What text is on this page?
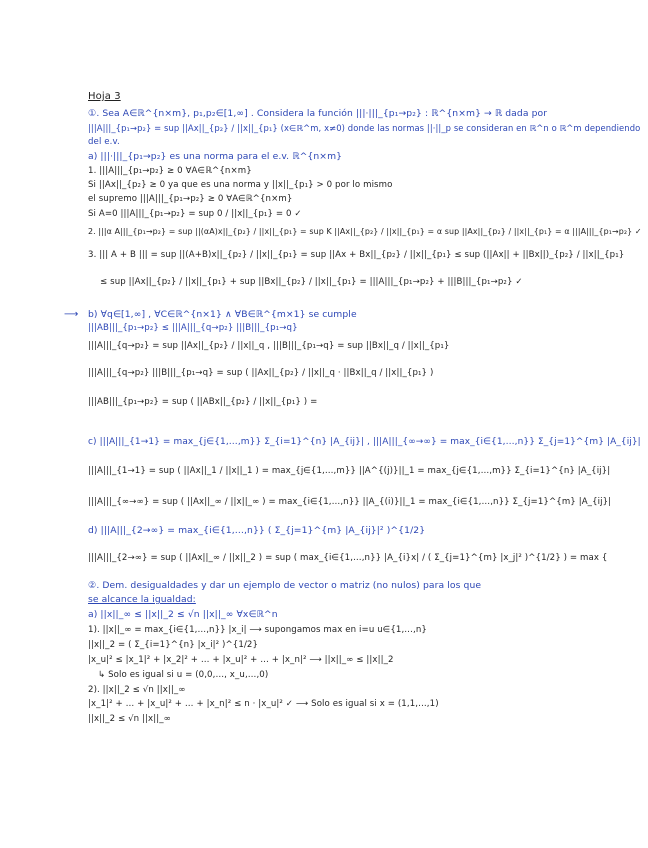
Hoja 3
①. Sea A∈ℝ^{n×m}, p₁,p₂∈[1,∞] . Considera la función |||·|||_{p₁→p₂} : ℝ^{n×m} → ℝ dada por
|||A|||_{p₁→p₂} = sup ||Ax||_{p₂} / ||x||_{p₁} (x∈ℝ^m, x≠0) donde las normas ||·||_p se consideran en ℝ^n o ℝ^m dependiendo
del e.v.
a) |||·|||_{p₁→p₂} es una norma para el e.v. ℝ^{n×m}
1. |||A|||_{p₁→p₂} ≥ 0 ∀A∈ℝ^{n×m}
Si ||Ax||_{p₂} ≥ 0 ya que es una norma y ||x||_{p₁} > 0 por lo mismo
el supremo |||A|||_{p₁→p₂} ≥ 0 ∀A∈ℝ^{n×m}
Si A=0 |||A|||_{p₁→p₂} = sup 0 / ||x||_{p₁} = 0 ✓
2. |||α A|||_{p₁→p₂} = sup ||(αA)x||_{p₂} / ||x||_{p₁} = sup K ||Ax||_{p₂} / ||x||_{p₁} = α sup ||Ax||_{p₂} / ||x||_{p₁} = α |||A|||_{p₁→p₂} ✓
3. ||| A + B ||| = sup ||(A+B)x||_{p₂} / ||x||_{p₁} = sup ||Ax + Bx||_{p₂} / ||x||_{p₁} ≤ sup (||Ax|| + ||Bx||)_{p₂} / ||x||_{p₁}
≤ sup ||Ax||_{p₂} / ||x||_{p₁} + sup ||Bx||_{p₂} / ||x||_{p₁} = |||A|||_{p₁→p₂} + |||B|||_{p₁→p₂} ✓
⟶ b) ∀q∈[1,∞] , ∀C∈ℝ^{n×1} ∧ ∀B∈ℝ^{m×1} se cumple
|||AB|||_{p₁→p₂} ≤ |||A|||_{q→p₂} |||B|||_{p₁→q}
|||A|||_{q→p₂} = sup ||Ax||_{p₂} / ||x||_q , |||B|||_{p₁→q} = sup ||Bx||_q / ||x||_{p₁}
|||A|||_{q→p₂} |||B|||_{p₁→q} = sup ( ||Ax||_{p₂} / ||x||_q · ||Bx||_q / ||x||_{p₁} )
|||AB|||_{p₁→p₂} = sup ( ||ABx||_{p₂} / ||x||_{p₁} ) =
c) |||A|||_{1→1} = max_{j∈{1,…,m}} Σ_{i=1}^{n} |A_{ij}| , |||A|||_{∞→∞} = max_{i∈{1,…,n}} Σ_{j=1}^{m} |A_{ij}|
|||A|||_{1→1} = sup ( ||Ax||_1 / ||x||_1 ) = max_{j∈{1,…,m}} ||A^{(j)}||_1 = max_{j∈{1,…,m}} Σ_{i=1}^{n} |A_{ij}|
|||A|||_{∞→∞} = sup ( ||Ax||_∞ / ||x||_∞ ) = max_{i∈{1,…,n}} ||A_{(i)}||_1 = max_{i∈{1,…,n}} Σ_{j=1}^{m} |A_{ij}|
d) |||A|||_{2→∞} = max_{i∈{1,…,n}} ( Σ_{j=1}^{m} |A_{ij}|² )^{1/2}
|||A|||_{2→∞} = sup ( ||Ax||_∞ / ||x||_2 ) = sup ( max_{i∈{1,…,n}} |A_{i}x| / ( Σ_{j=1}^{m} |x_j|² )^{1/2} ) = max {
②. Dem. desigualdades y dar un ejemplo de vector o matriz (no nulos) para los que
se alcance la igualdad:
a) ||x||_∞ ≤ ||x||_2 ≤ √n ||x||_∞ ∀x∈ℝ^n
1). ||x||_∞ = max_{i∈{1,…,n}} |x_i| ⟶ supongamos max en i=u u∈{1,…,n}
||x||_2 = ( Σ_{i=1}^{n} |x_i|² )^{1/2}
|x_u|² ≤ |x_1|² + |x_2|² + … + |x_u|² + … + |x_n|² ⟶ ||x||_∞ ≤ ||x||_2
↳ Solo es igual si u = (0,0,…, x_u,…,0)
2). ||x||_2 ≤ √n ||x||_∞
|x_1|² + … + |x_u|² + … + |x_n|² ≤ n · |x_u|² ✓ ⟶ Solo es igual si x = (1,1,…,1)
||x||_2 ≤ √n ||x||_∞
